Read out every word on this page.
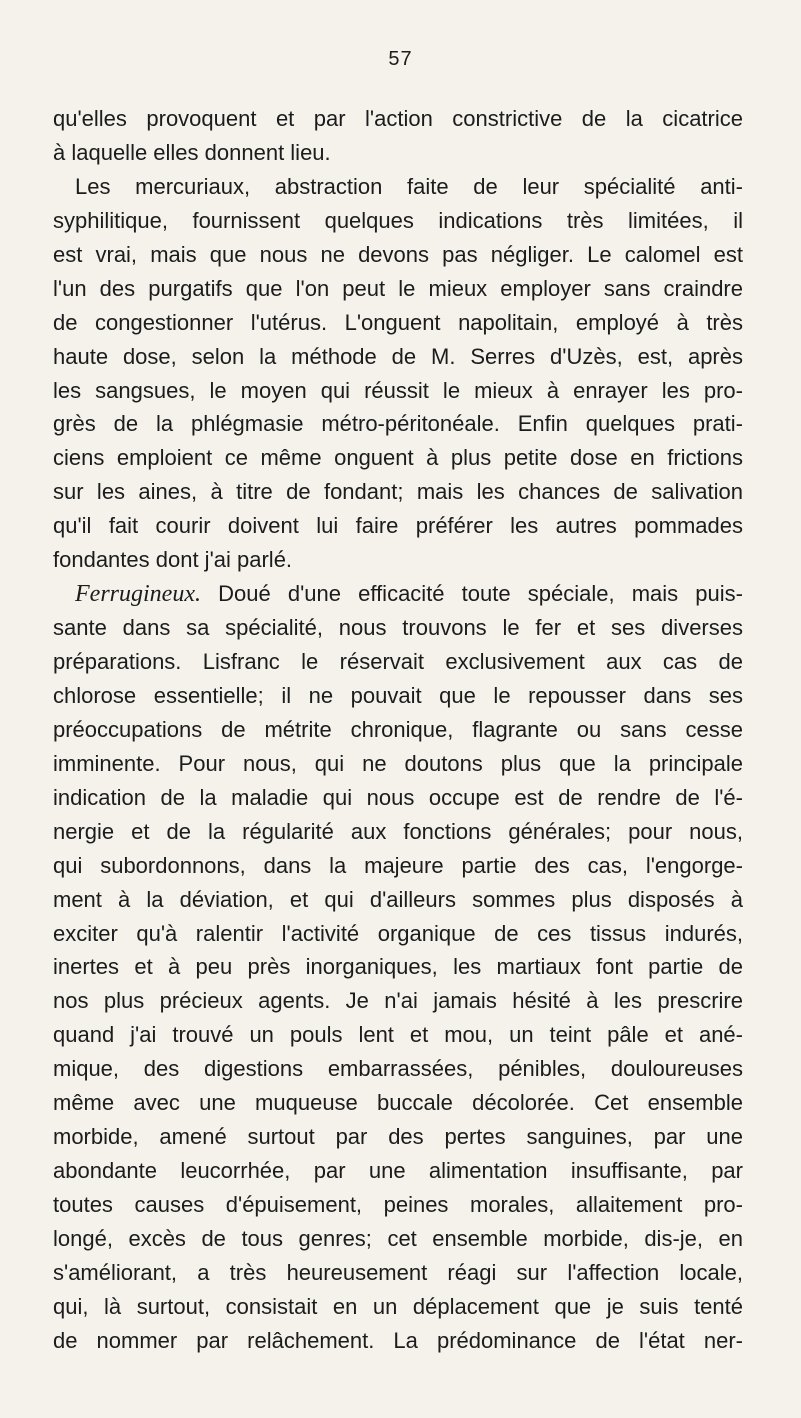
57
qu'elles provoquent et par l'action constrictive de la cicatrice
à laquelle elles donnent lieu.
Les mercuriaux, abstraction faite de leur spécialité anti-
syphilitique, fournissent quelques indications très limitées, il
est vrai, mais que nous ne devons pas négliger. Le calomel est
l'un des purgatifs que l'on peut le mieux employer sans craindre
de congestionner l'utérus. L'onguent napolitain, employé à très
haute dose, selon la méthode de M. Serres d'Uzès, est, après
les sangsues, le moyen qui réussit le mieux à enrayer les pro-
grès de la phlégmasie métro-péritonéale. Enfin quelques prati-
ciens emploient ce même onguent à plus petite dose en frictions
sur les aines, à titre de fondant; mais les chances de salivation
qu'il fait courir doivent lui faire préférer les autres pommades
fondantes dont j'ai parlé.
Ferrugineux. Doué d'une efficacité toute spéciale, mais puis-
sante dans sa spécialité, nous trouvons le fer et ses diverses
préparations. Lisfranc le réservait exclusivement aux cas de
chlorose essentielle; il ne pouvait que le repousser dans ses
préoccupations de métrite chronique, flagrante ou sans cesse
imminente. Pour nous, qui ne doutons plus que la principale
indication de la maladie qui nous occupe est de rendre de l'é-
nergie et de la régularité aux fonctions générales; pour nous,
qui subordonnons, dans la majeure partie des cas, l'engorge-
ment à la déviation, et qui d'ailleurs sommes plus disposés à
exciter qu'à ralentir l'activité organique de ces tissus indurés,
inertes et à peu près inorganiques, les martiaux font partie de
nos plus précieux agents. Je n'ai jamais hésité à les prescrire
quand j'ai trouvé un pouls lent et mou, un teint pâle et ané-
mique, des digestions embarrassées, pénibles, douloureuses
même avec une muqueuse buccale décolorée. Cet ensemble
morbide, amené surtout par des pertes sanguines, par une
abondante leucorrhée, par une alimentation insuffisante, par
toutes causes d'épuisement, peines morales, allaitement pro-
longé, excès de tous genres; cet ensemble morbide, dis-je, en
s'améliorant, a très heureusement réagi sur l'affection locale,
qui, là surtout, consistait en un déplacement que je suis tenté
de nommer par relâchement. La prédominance de l'état ner-
